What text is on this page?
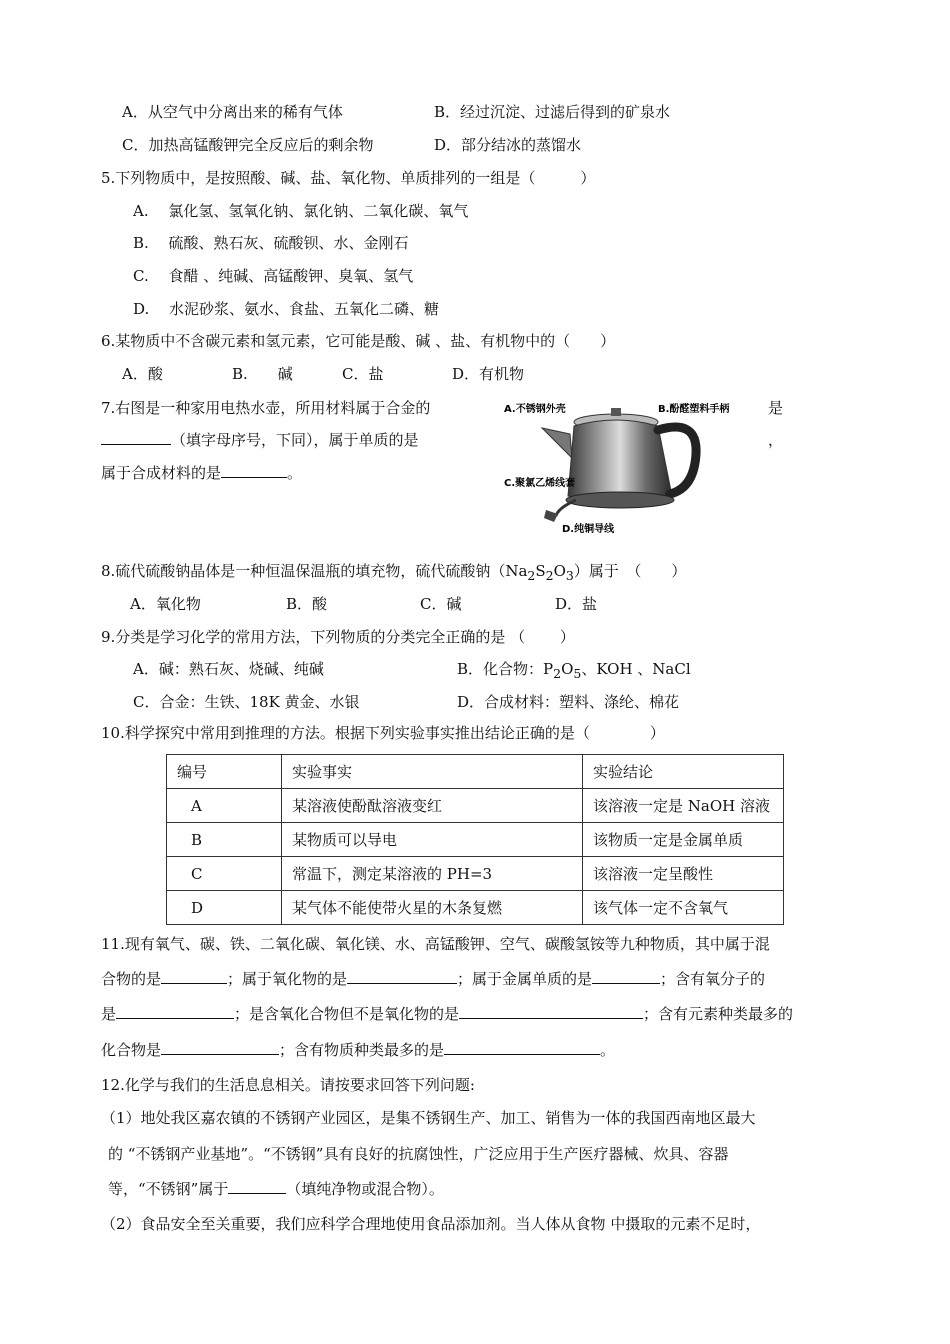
A．从空气中分离出来的稀有气体	B．经过沉淀、过滤后得到的矿泉水
C．加热高锰酸钾完全反应后的剩余物	D．部分结冰的蒸馏水
5.下列物质中，是按照酸、碱、盐、氧化物、单质排列的一组是（　　　）
A.　 氯化氢、氢氧化钠、氯化钠、二氧化碳、氧气
B.　 硫酸、熟石灰、硫酸钡、水、金刚石
C.　 食醋 、纯碱、高锰酸钾、臭氧、氢气
D.　 水泥砂浆、氨水、食盐、五氧化二磷、糖
6.某物质中不含碳元素和氢元素，它可能是酸、碱 、盐、有机物中的（　　）
A．酸	B.　　碱	C．盐	D．有机物
7.右图是一种家用电热水壶，所用材料属于合金的	是
（填字母序号，下同），属于单质的是	，
属于合成材料的是	。
A.不锈钢外壳	B.酚醛塑料手柄
C.聚氯乙烯线套
D.纯铜导线
8.硫代硫酸钠晶体是一种恒温保温瓶的填充物，硫代硫酸钠$(Na_2S_2O_3)$属于　（　　）
A．氧化物	B．酸	C．碱	D．盐
9.分类是学习化学的常用方法，下列物质的分类完全正确的是 （　　 ）
A．碱：熟石灰、烧碱、纯碱	B．化合物：$P_2O_5$、KOH 、NaCl
C．合金：生铁、18K 黄金、水银	D．合成材料：塑料、涤纶、棉花
10.科学探究中常用到推理的方法。根据下列实验事实推出结论正确的是（　　　　）
编号	实验事实	实验结论
A	某溶液使酚酞溶液变红	该溶液一定是 NaOH 溶液
B	某物质可以导电	该物质一定是金属单质
C	常温下，测定某溶液的 PH=3	该溶液一定呈酸性
D	某气体不能使带火星的木条复燃	该气体一定不含氧气
11.现有氧气、碳、铁、二氧化碳、氧化镁、水、高锰酸钾、空气、碳酸氢铵等九种物质，其中属于混
合物的是	；属于氧化物的是	；属于金属单质的是	；含有氧分子的
是	；是含氧化合物但不是氧化物的是	；含有元素种类最多的
化合物是	；含有物质种类最多的是	。
12.化学与我们的生活息息相关。请按要求回答下列问题:
（1）地处我区嘉农镇的不锈钢产业园区，是集不锈钢生产、加工、销售为一体的我国西南地区最大
的 “不锈钢产业基地”。“不锈钢”具有良好的抗腐蚀性，广泛应用于生产医疗器械、炊具、容器
等，“不锈钢”属于	（填纯净物或混合物）。
（2）食品安全至关重要，我们应科学合理地使用食品添加剂。当人体从食物 中摄取的元素不足时，
